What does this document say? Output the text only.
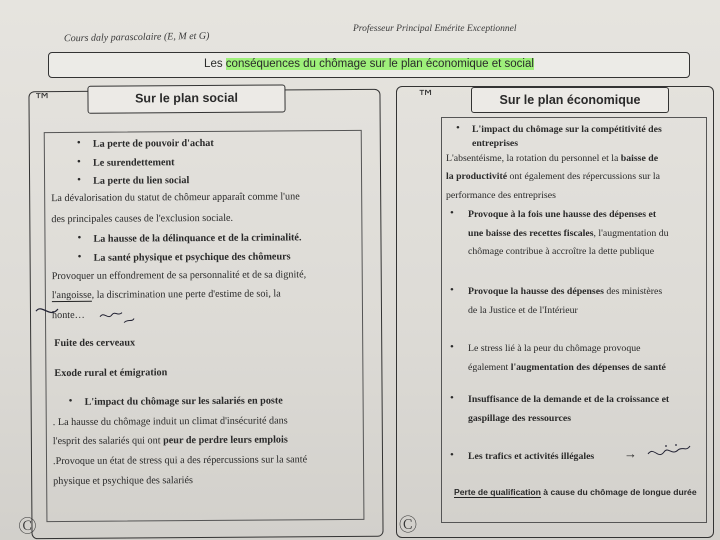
Cours daly parascolaire (E, M et G)
Professeur Principal Emérite Exceptionnel
Les conséquences du chômage sur le plan économique et social
™
Ⓒ
Sur le plan social
• La perte de pouvoir d'achat
• Le surendettement
• La perte du lien social
La dévalorisation du statut de chômeur apparaît comme l'une
des principales causes de l'exclusion sociale.
• La hausse de la délinquance et de la criminalité.
• La santé physique et psychique des chômeurs
Provoquer un effondrement de sa personnalité et de sa dignité,
l'angoisse, la discrimination une perte d'estime de soi, la
honte…
Fuite des cerveaux
Exode rural et émigration
• L'impact du chômage sur les salariés en poste
. La hausse du chômage induit un climat d'insécurité dans
l'esprit des salariés qui ont peur de perdre leurs emplois
.Provoque un état de stress qui a des répercussions sur la santé
physique et psychique des salariés
™
Ⓒ
Sur le plan économique
• L'impact du chômage sur la compétitivité des
entreprises
L'absentéisme, la rotation du personnel et la baisse de
la productivité ont également des répercussions sur la
performance des entreprises
• Provoque à la fois une hausse des dépenses et
une baisse des recettes fiscales, l'augmentation du
chômage contribue à accroître la dette publique
• Provoque la hausse des dépenses des ministères
de la Justice et de l'Intérieur
• Le stress lié à la peur du chômage provoque
également l'augmentation des dépenses de santé
• Insuffisance de la demande et de la croissance et
gaspillage des ressources
• Les trafics et activités illégales →
Perte de qualification à cause du chômage de longue durée
